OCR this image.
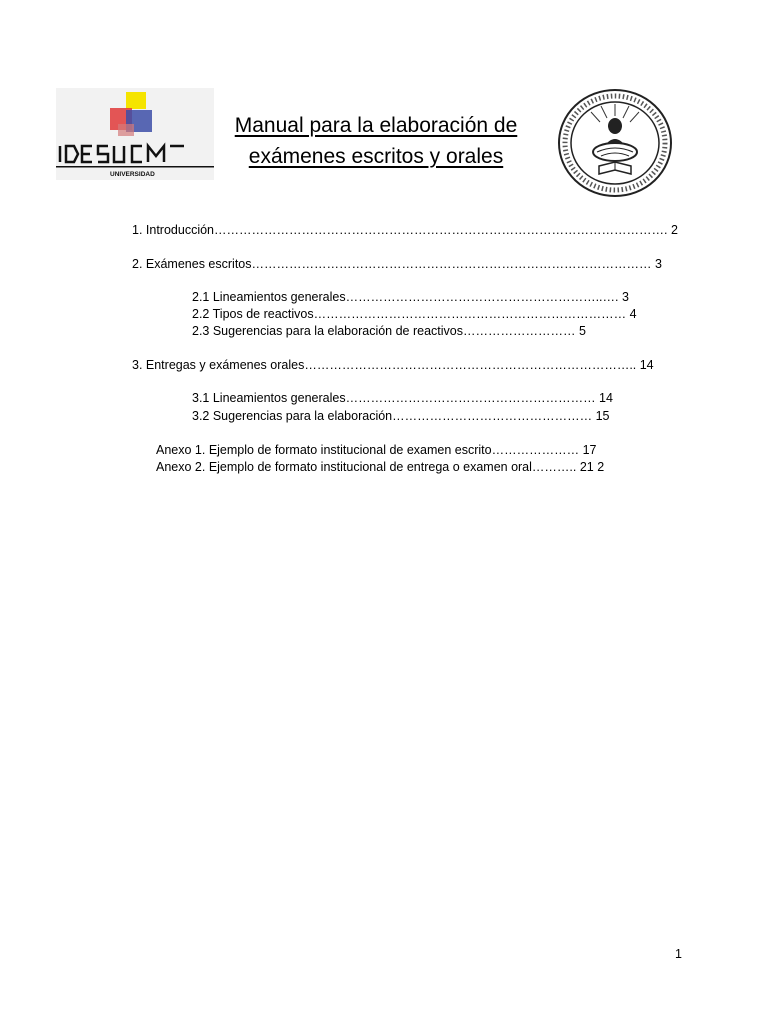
UNIVERSIDAD
Manual para la elaboración de
exámenes escritos y orales
1. Introducción………………………………………………………………………………………………. 2
2. Exámenes escritos…………………………………………………………………………………… 3
2.1 Lineamientos generales……………………………………………………..…. 3
2.2 Tipos de reactivos………………………………………………………………… 4
2.3 Sugerencias para la elaboración de reactivos……………………… 5
3. Entregas y exámenes orales…………………………………………………………………….. 14
3.1 Lineamientos generales…………………………………………………… 14
3.2 Sugerencias para la elaboración………………………………………… 15
Anexo 1. Ejemplo de formato institucional de examen escrito………………… 17
Anexo 2. Ejemplo de formato institucional de entrega o examen oral……….. 21 2
1
